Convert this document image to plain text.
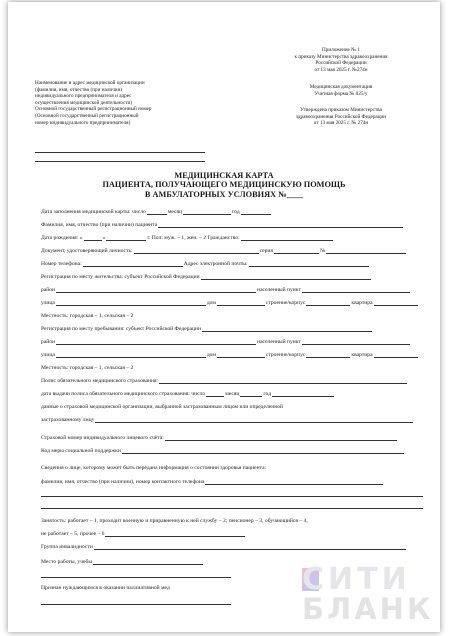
Приложение № 1
к приказу Министерства здравоохранения
Российской Федерации
от 13 мая 2025 г. №274н
Медицинская документация
Учетная форма № 025/у
Утверждена приказом Министерства
здравоохранения Российской Федерации
от 13 мая 2025 г. № 274н
Наименование и адрес медицинской организации
(фамилия, имя, отчество (при наличии)
индивидуального предпринимателя и адрес
осуществления медицинской деятельности)
Основной государственный регистрационный номер
(Основной государственный регистрационный
номер индивидуального предпринимателя)
МЕДИЦИНСКАЯ КАРТА
ПАЦИЕНТА, ПОЛУЧАЮЩЕГО МЕДИЦИНСКУЮ ПОМОЩЬ
В АМБУЛАТОРНЫХ УСЛОВИЯХ №____
Дата заполнения медицинской карты: число	месяц	год
Фамилия, имя, отчество (при наличии) пациента
Дата рождения: «	»	г. Пол: муж. – 1, жен. – 2 Гражданство:
Документ, удостоверяющий личность:	серия	№
Номер телефона:	Адрес электронной почты:
Регистрация по месту жительства: субъект Российской Федерации
район	населенный пункт
улица	дом	строение/корпус	квартира
Местность: городская – 1, сельская – 2
Регистрация по месту пребывания: субъект Российской Федерации
район	населенный пункт
улица	дом	строение/корпус	квартира
Местность: городская – 1, сельская – 2
Полис обязательного медицинского страхования:
дата выдачи полиса обязательного медицинского страхования: число	месяц	год
данные о страховой медицинской организации, выбранной застрахованным лицом или определенной
застрахованному лицу
Страховой номер индивидуального лицевого счёта:
Код меры социальной поддержки
Сведения о лице, которому может быть передана информация о состоянии здоровья пациента:
фамилия, имя, отчество (при наличии), номер контактного телефона
Занятость: работает – 1, проходит военную и приравненную к ней службу – 2; пенсионер – 3, обучающийся – 4,
не работает – 5, прочее – 6
Группа инвалидности
Место работы, учебы
Признан нуждающимся в оказании паллиативной мед	СИТИ
БЛАНК
